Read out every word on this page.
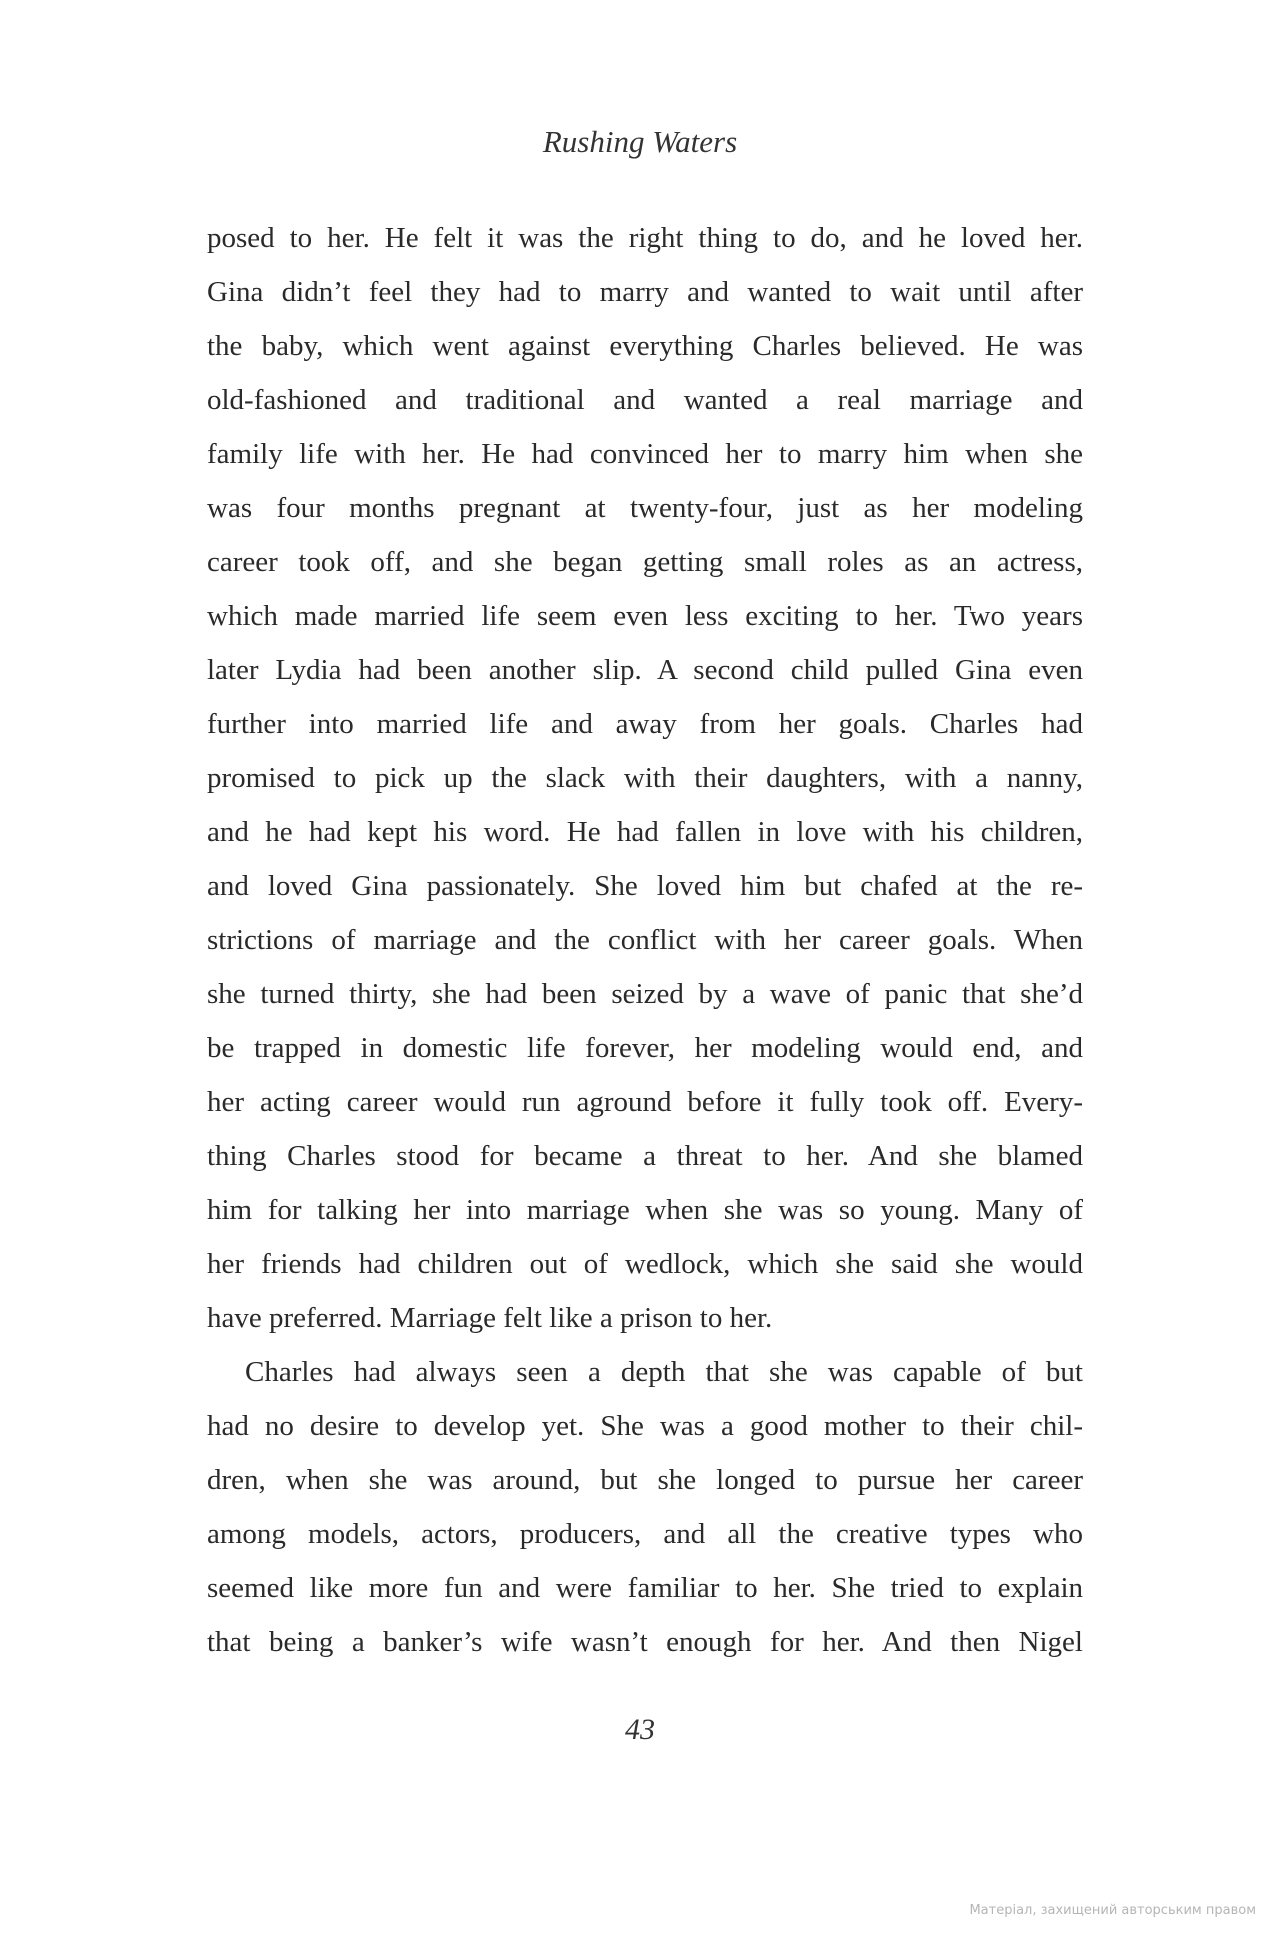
Rushing Waters
posed to her. He felt it was the right thing to do, and he loved her.
Gina didn’t feel they had to marry and wanted to wait until after
the baby, which went against everything Charles believed. He was
old-fashioned and traditional and wanted a real marriage and
family life with her. He had convinced her to marry him when she
was four months pregnant at twenty-four, just as her modeling
career took off, and she began getting small roles as an actress,
which made married life seem even less exciting to her. Two years
later Lydia had been another slip. A second child pulled Gina even
further into married life and away from her goals. Charles had
promised to pick up the slack with their daughters, with a nanny,
and he had kept his word. He had fallen in love with his children,
and loved Gina passionately. She loved him but chafed at the re-
strictions of marriage and the conflict with her career goals. When
she turned thirty, she had been seized by a wave of panic that she’d
be trapped in domestic life forever, her modeling would end, and
her acting career would run aground before it fully took off. Every-
thing Charles stood for became a threat to her. And she blamed
him for talking her into marriage when she was so young. Many of
her friends had children out of wedlock, which she said she would
have preferred. Marriage felt like a prison to her.
Charles had always seen a depth that she was capable of but
had no desire to develop yet. She was a good mother to their chil-
dren, when she was around, but she longed to pursue her career
among models, actors, producers, and all the creative types who
seemed like more fun and were familiar to her. She tried to explain
that being a banker’s wife wasn’t enough for her. And then Nigel
43
Матеріал, захищений авторським правом
